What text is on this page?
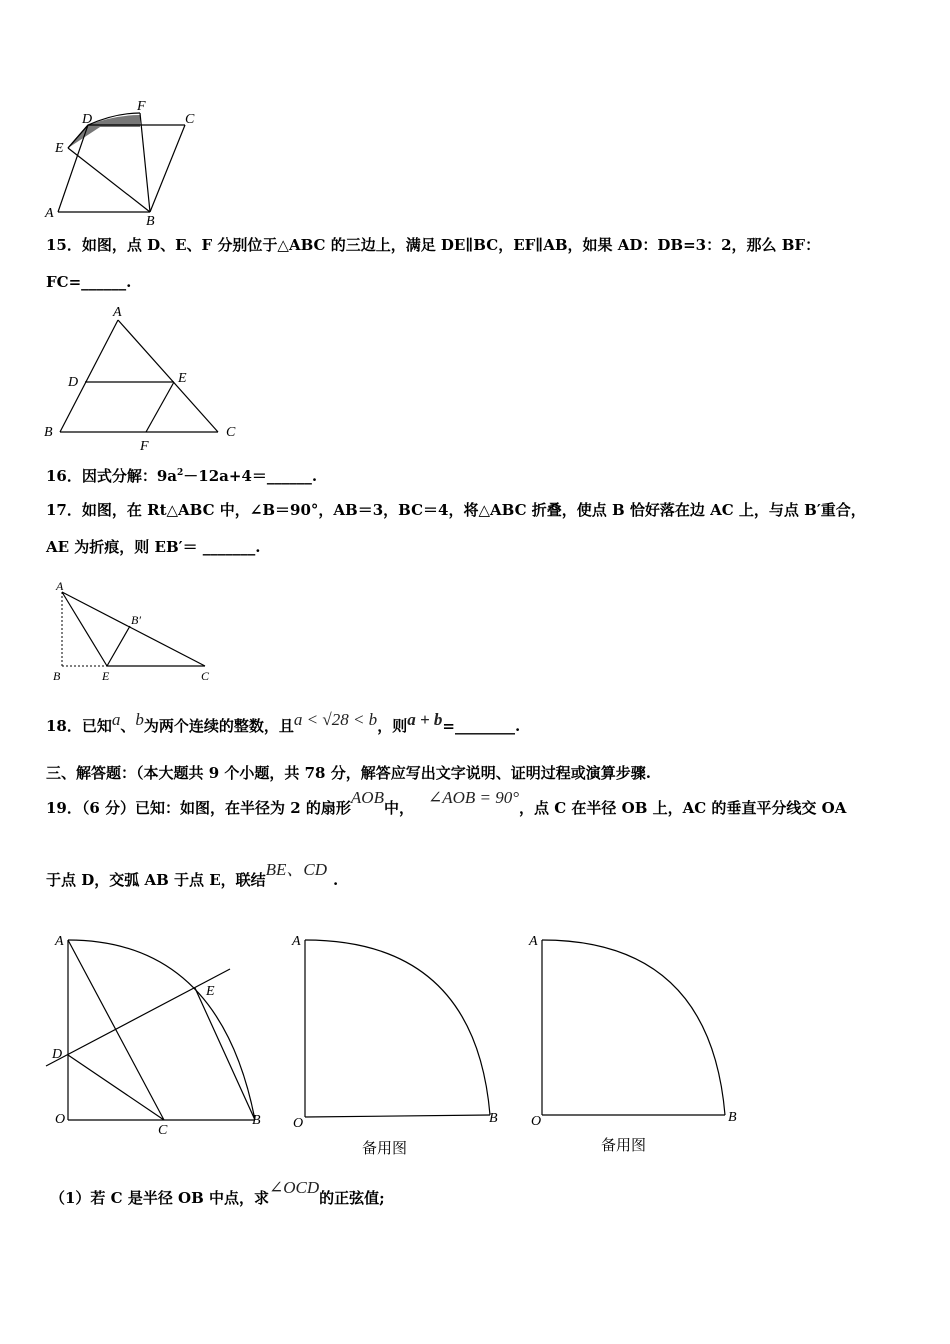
D
F
C
E
A
B
15．如图，点 D、E、F 分别位于△ABC 的三边上，满足 DE∥BC，EF∥AB，如果 AD：DB=3：2，那么 BF：
FC=______.
A
D	E
B
F
C
16．因式分解：$9a^2-12a+4=\_\_\_\_\_\_$.
17．如图，在 Rt△ABC 中，∠B＝90°，AB＝3，BC＝4，将△ABC 折叠，使点 B 恰好落在边 AC 上，与点 B′重合，
AE 为折痕，则 EB′＝ _______.
A
B′
B	E	C
18．已知a、b为两个连续的整数，且a < √28 < b，则a + b=________.
三、解答题：（本大题共 9 个小题，共 78 分，解答应写出文字说明、证明过程或演算步骤.
19．（6 分）已知：如图，在半径为 2 的扇形AOB中，∠AOB = 90°，点 C 在半径 OB 上，AC 的垂直平分线交 OA
于点 D，交弧 AB 于点 E，联结BE、CD.
A
E
D
O
C
B
A
O	B
备用图
A
O	B
备用图
（1）若 C 是半径 OB 中点，求∠OCD的正弦值;
